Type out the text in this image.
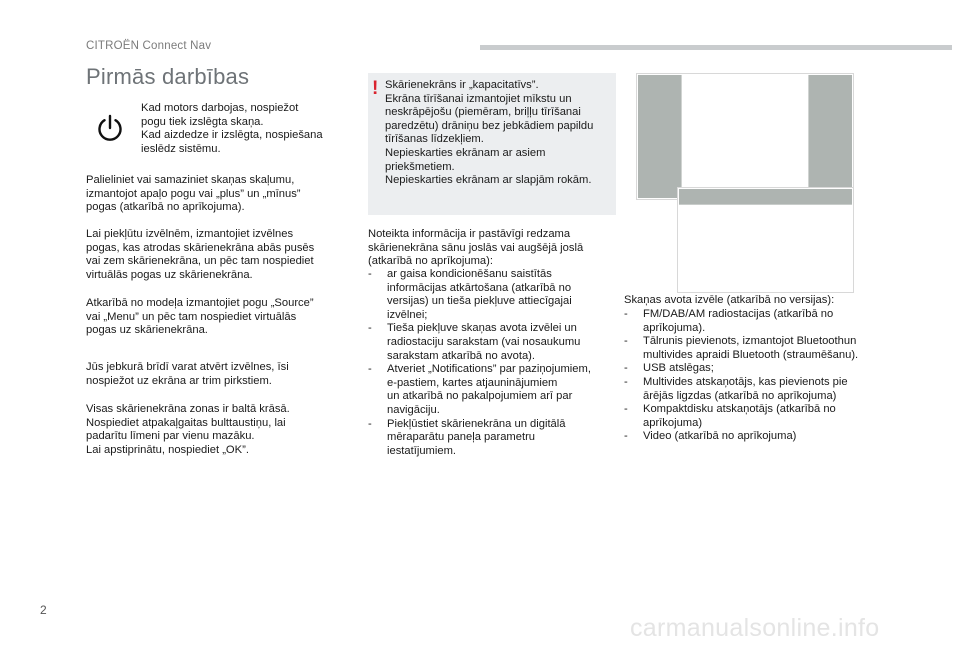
CITROËN Connect Nav
Pirmās darbības
Kad motors darbojas, nospiežot
pogu tiek izslēgta skaņa.
Kad aizdedze ir izslēgta, nospiešana
ieslēdz sistēmu.
Palieliniet vai samaziniet skaņas skaļumu,
izmantojot apaļo pogu vai „plus” un „mīnus”
pogas (atkarībā no aprīkojuma).
Lai piekļūtu izvēlnēm, izmantojiet izvēlnes
pogas, kas atrodas skārienekrāna abās pusēs
vai zem skārienekrāna, un pēc tam nospiediet
virtuālās pogas uz skārienekrāna.
Atkarībā no modeļa izmantojiet pogu „Source”
vai „Menu” un pēc tam nospiediet virtuālās
pogas uz skārienekrāna.
Jūs jebkurā brīdī varat atvērt izvēlnes, īsi
nospiežot uz ekrāna ar trim pirkstiem.
Visas skārienekrāna zonas ir baltā krāsā.
Nospiediet atpakaļgaitas bulttaustiņu, lai
padarītu līmeni par vienu mazāku.
Lai apstiprinātu, nospiediet „OK”.
! Skārienekrāns ir „kapacitatīvs”.
Ekrāna tīrīšanai izmantojiet mīkstu un
neskrāpējošu (piemēram, briļļu tīrīšanai
paredzētu) drāniņu bez jebkādiem papildu
tīrīšanas līdzekļiem.
Nepieskarties ekrānam ar asiem
priekšmetiem.
Nepieskarties ekrānam ar slapjām rokām.
Noteikta informācija ir pastāvīgi redzama
skārienekrāna sānu joslās vai augšējā joslā
(atkarībā no aprīkojuma):
- ar gaisa kondicionēšanu saistītās
informācijas atkārtošana (atkarībā no
versijas) un tieša piekļuve attiecīgajai
izvēlnei;
- Tieša piekļuve skaņas avota izvēlei un
radiostaciju sarakstam (vai nosaukumu
sarakstam atkarībā no avota).
- Atveriet „Notifications” par paziņojumiem,
e-pastiem, kartes atjauninājumiem
un atkarībā no pakalpojumiem arī par
navigāciju.
- Piekļūstiet skārienekrāna un digitālā
mēraparātu paneļa parametru
iestatījumiem.
Skaņas avota izvēle (atkarībā no versijas):
- FM/DAB/AM radiostacijas (atkarībā no
aprīkojuma).
- Tālrunis pievienots, izmantojot Bluetoothun
multivides apraidi Bluetooth (straumēšanu).
- USB atslēgas;
- Multivides atskaņotājs, kas pievienots pie
ārējās ligzdas (atkarībā no aprīkojuma)
- Kompaktdisku atskaņotājs (atkarībā no
aprīkojuma)
- Video (atkarībā no aprīkojuma)
2
carmanualsonline.info
